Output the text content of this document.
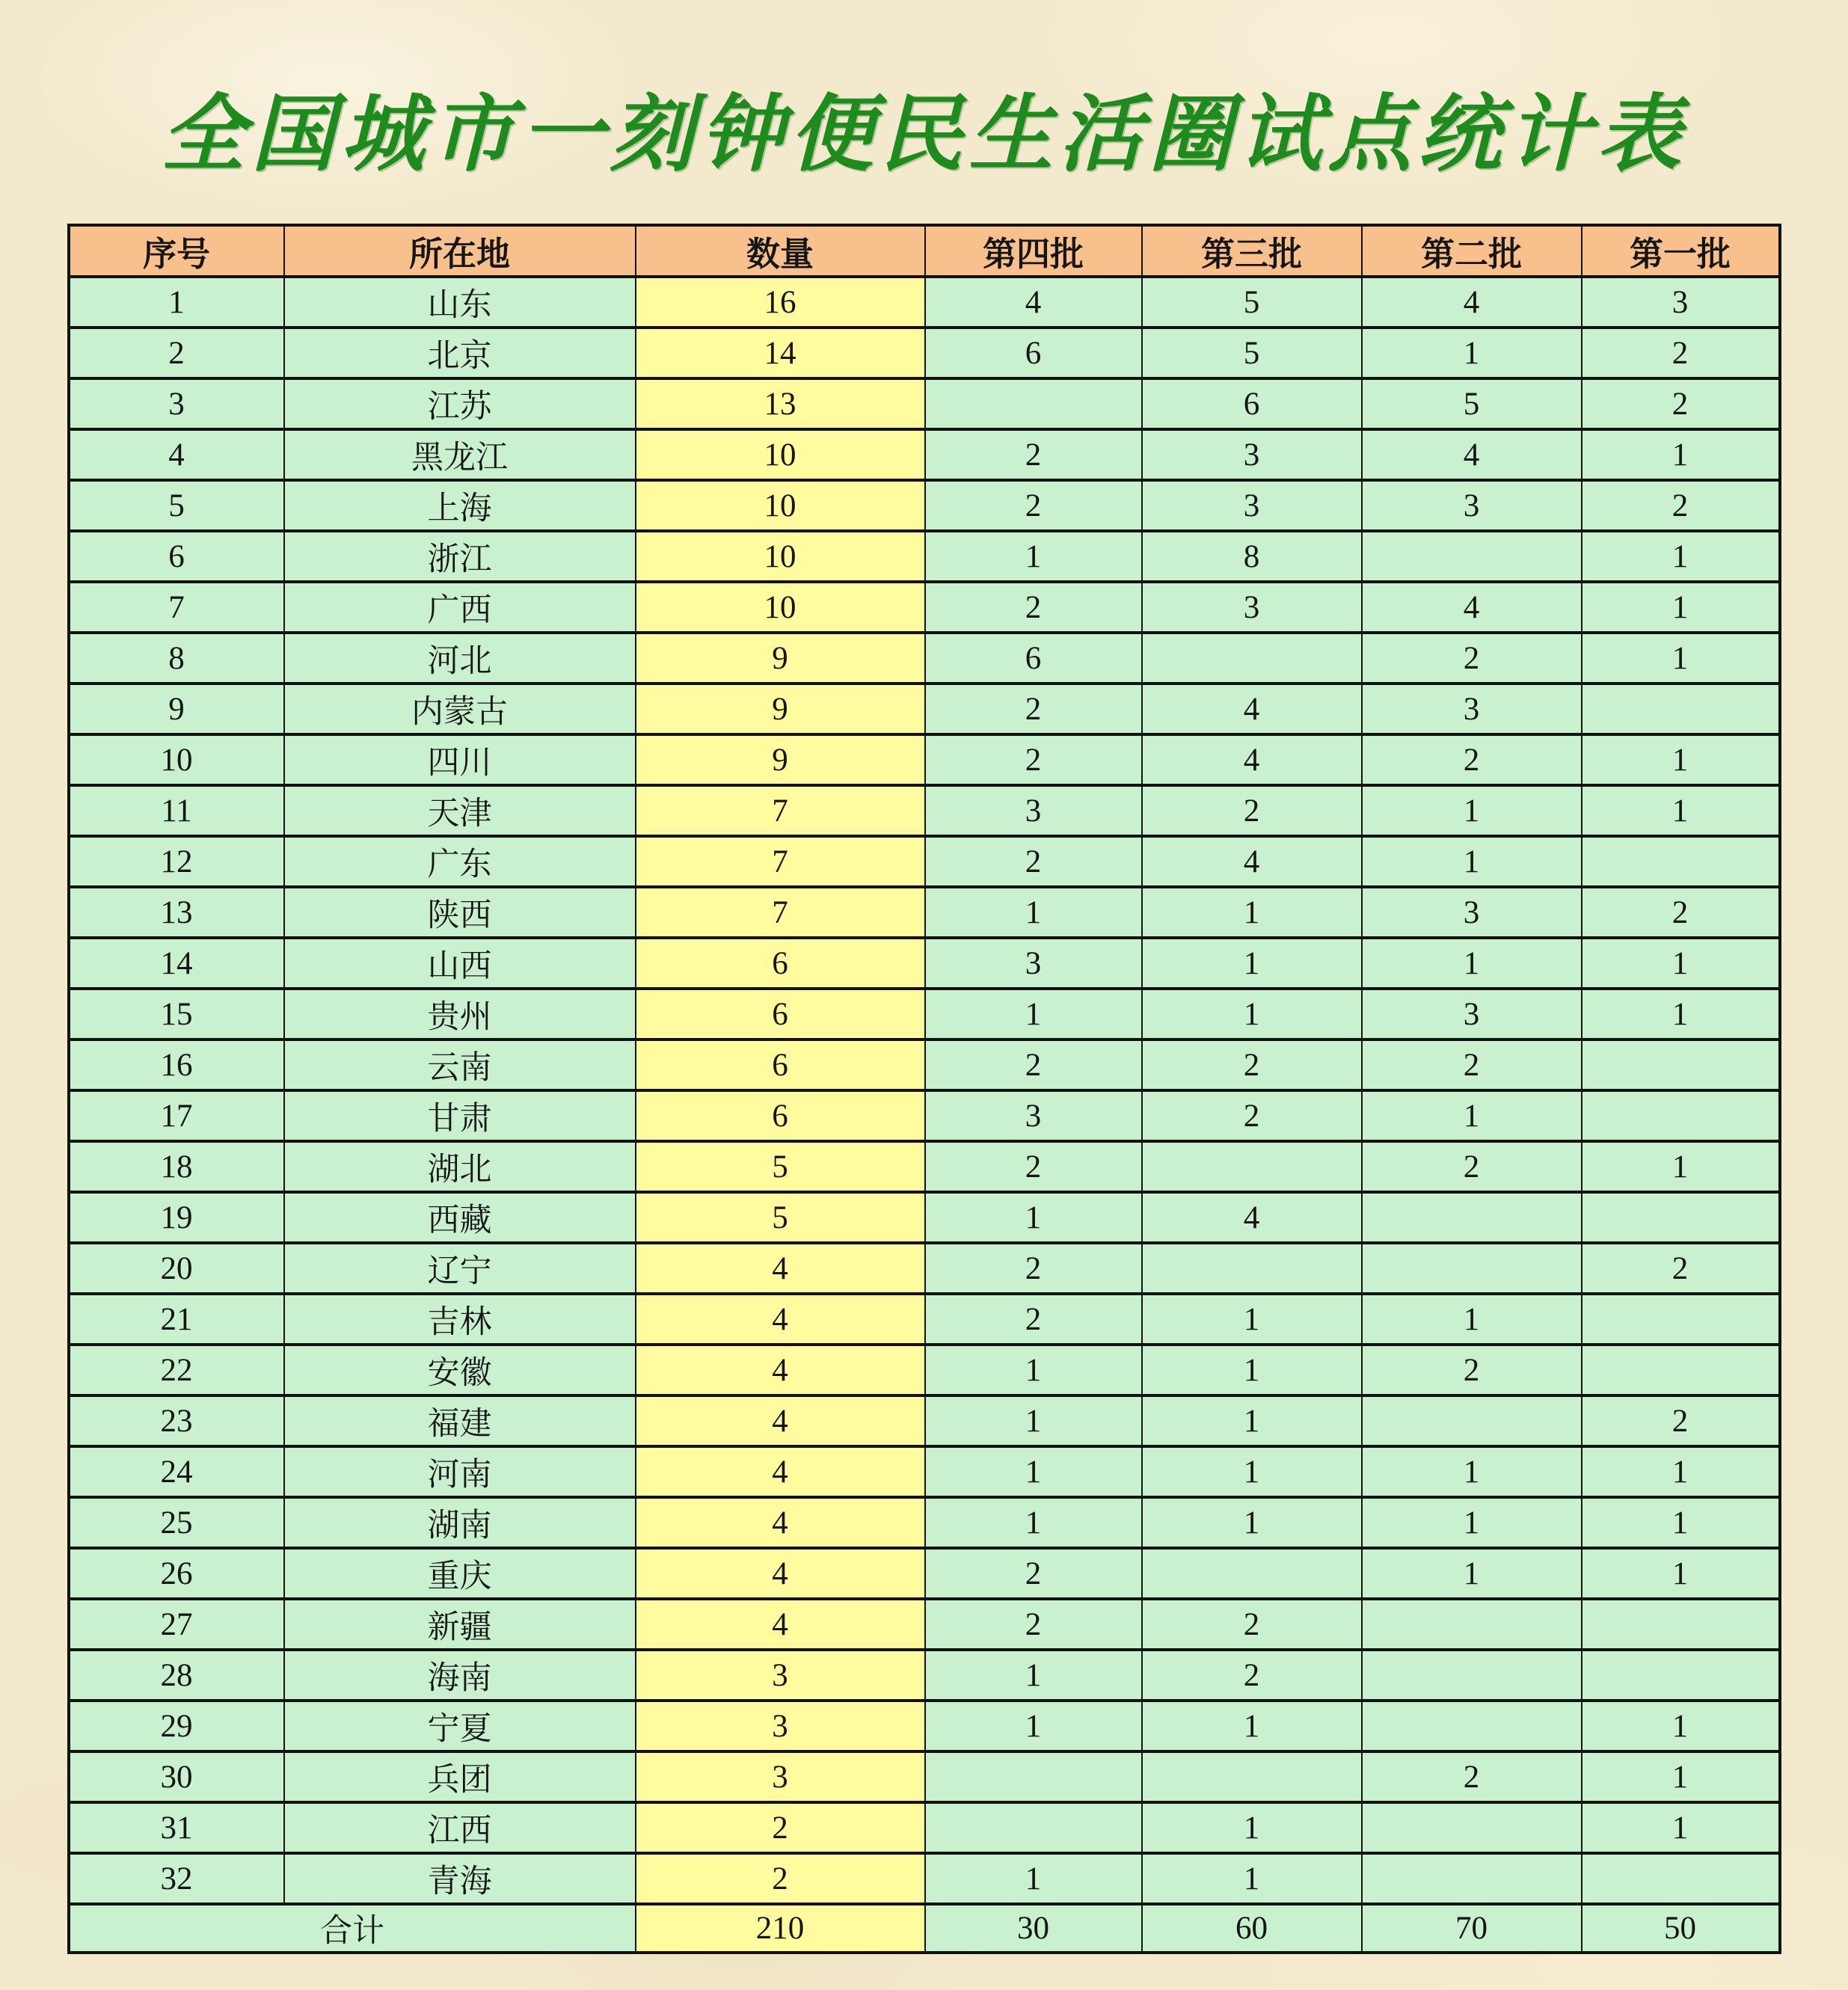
全国城市一刻钟便民生活圈试点统计表
序号	所在地	数量	第四批	第三批	第二批	第一批
1	山东	16	4	5	4	3
2	北京	14	6	5	1	2
3	江苏	13		6	5	2
4	黑龙江	10	2	3	4	1
5	上海	10	2	3	3	2
6	浙江	10	1	8		1
7	广西	10	2	3	4	1
8	河北	9	6		2	1
9	内蒙古	9	2	4	3	
10	四川	9	2	4	2	1
11	天津	7	3	2	1	1
12	广东	7	2	4	1	
13	陕西	7	1	1	3	2
14	山西	6	3	1	1	1
15	贵州	6	1	1	3	1
16	云南	6	2	2	2	
17	甘肃	6	3	2	1	
18	湖北	5	2		2	1
19	西藏	5	1	4		
20	辽宁	4	2			2
21	吉林	4	2	1	1	
22	安徽	4	1	1	2	
23	福建	4	1	1		2
24	河南	4	1	1	1	1
25	湖南	4	1	1	1	1
26	重庆	4	2		1	1
27	新疆	4	2	2		
28	海南	3	1	2		
29	宁夏	3	1	1		1
30	兵团	3			2	1
31	江西	2		1		1
32	青海	2	1	1		
合计		210	30	60	70	50
